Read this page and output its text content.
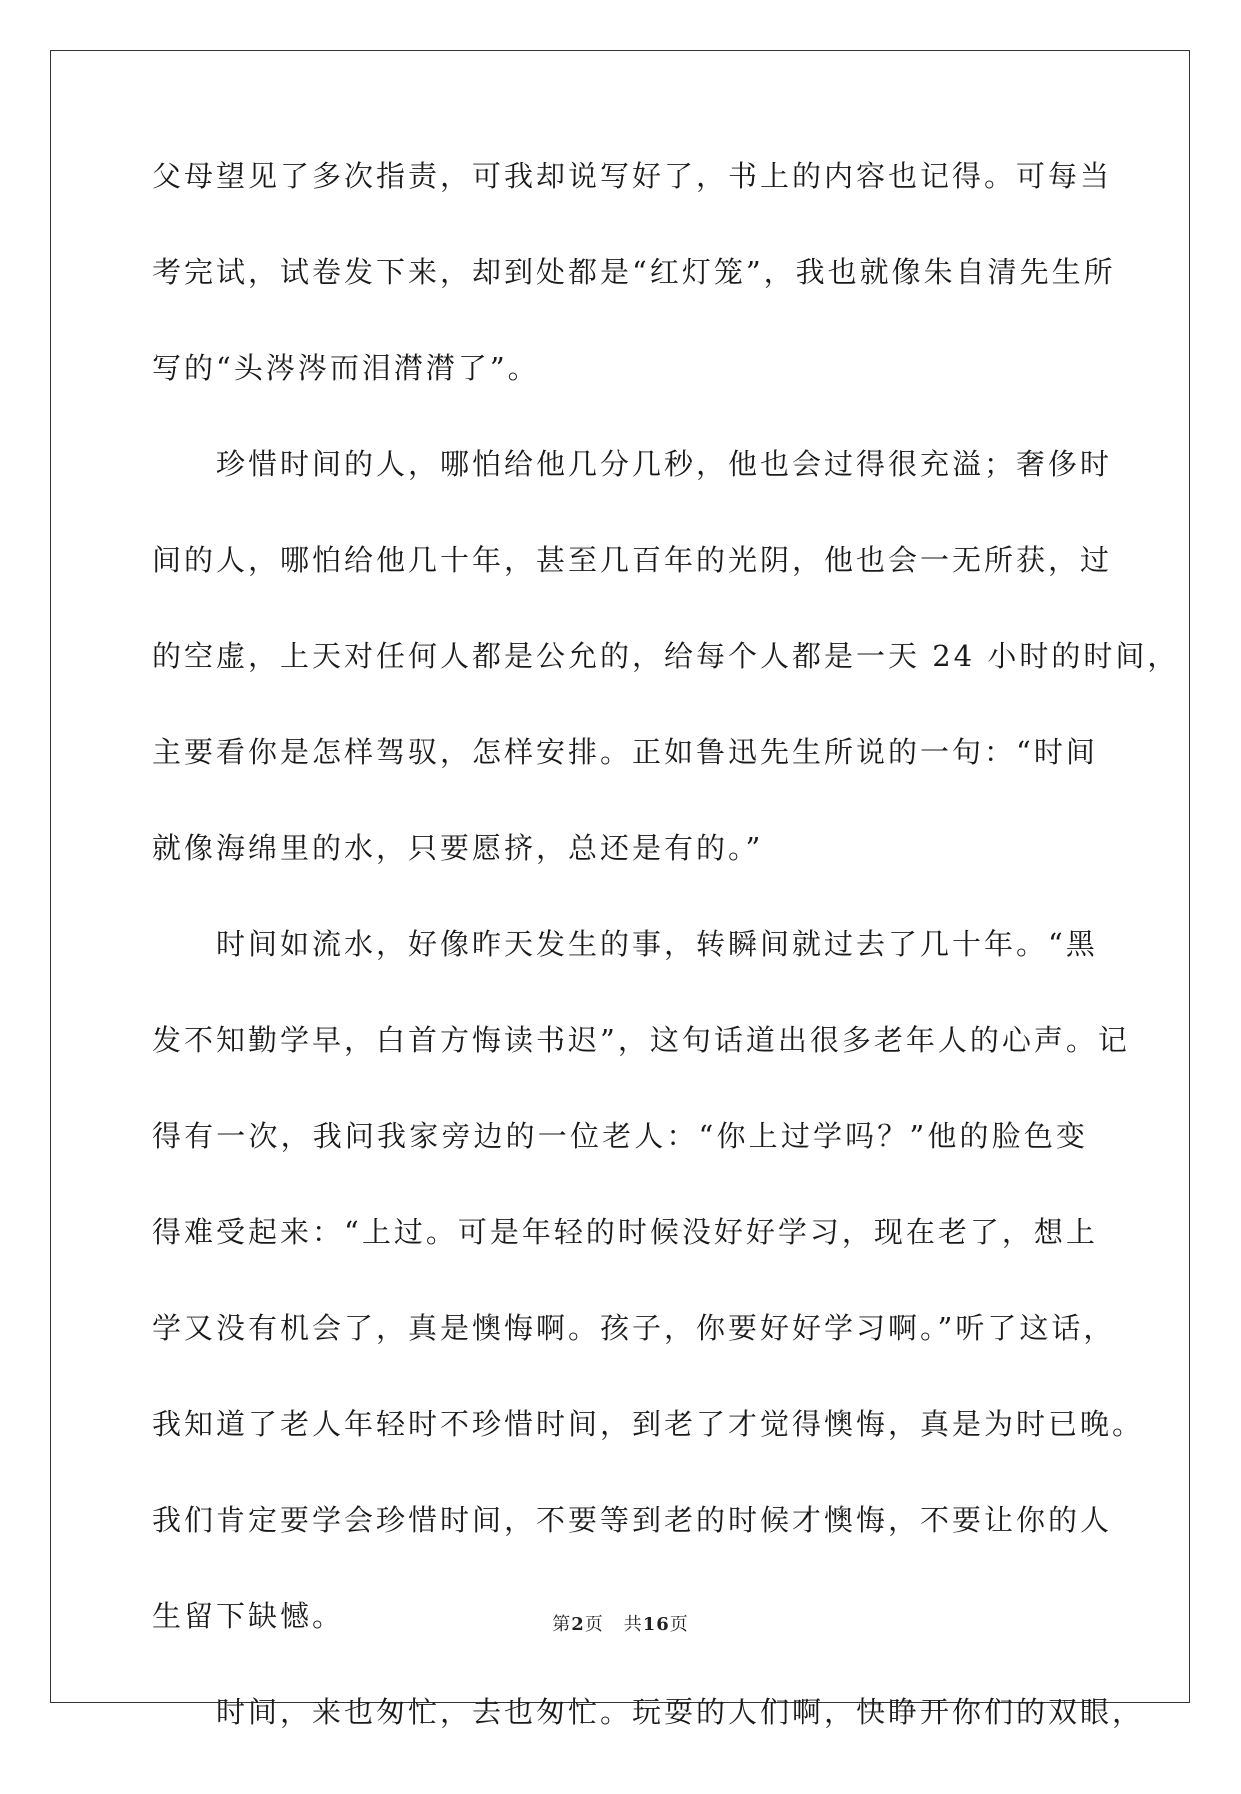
父母望见了多次指责，可我却说写好了，书上的内容也记得。可每当
考完试，试卷发下来，却到处都是“红灯笼”，我也就像朱自清先生所
写的“头涔涔而泪潸潸了”。
珍惜时间的人，哪怕给他几分几秒，他也会过得很充溢；奢侈时
间的人，哪怕给他几十年，甚至几百年的光阴，他也会一无所获，过
的空虚，上天对任何人都是公允的，给每个人都是一天 24 小时的时间，
主要看你是怎样驾驭，怎样安排。正如鲁迅先生所说的一句：“时间
就像海绵里的水，只要愿挤，总还是有的。”
时间如流水，好像昨天发生的事，转瞬间就过去了几十年。“黑
发不知勤学早，白首方悔读书迟”，这句话道出很多老年人的心声。记
得有一次，我问我家旁边的一位老人：“你上过学吗？”他的脸色变
得难受起来：“上过。可是年轻的时候没好好学习，现在老了，想上
学又没有机会了，真是懊悔啊。孩子，你要好好学习啊。”听了这话，
我知道了老人年轻时不珍惜时间，到老了才觉得懊悔，真是为时已晚。
我们肯定要学会珍惜时间，不要等到老的时候才懊悔，不要让你的人
生留下缺憾。
时间，来也匆忙，去也匆忙。玩耍的人们啊，快睁开你们的双眼，
第2页 共16页
